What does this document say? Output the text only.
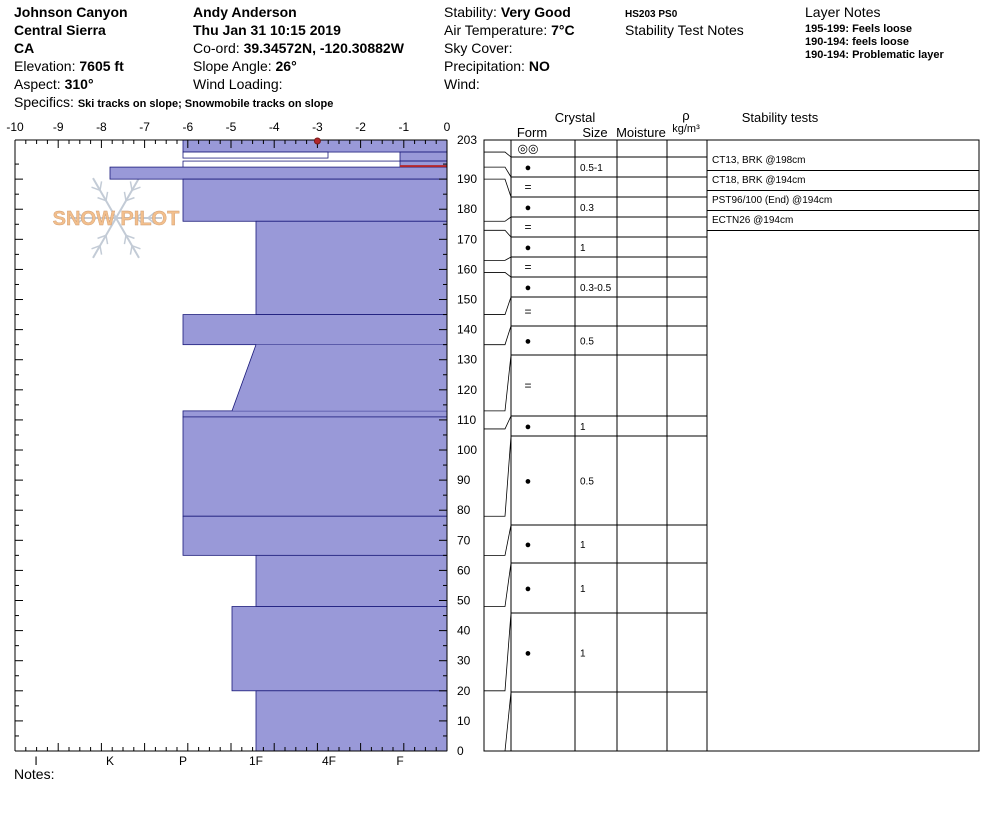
Johnson Canyon
Central Sierra
CA
Elevation: 7605 ft
Aspect: 310°
Specifics: Ski tracks on slope; Snowmobile tracks on slope
Andy Anderson
Thu Jan 31 10:15 2019
Co-ord: 39.34572N, -120.30882W
Slope Angle: 26°
Wind Loading:
Stability: Very Good
Air Temperature: 7°C
Sky Cover:
Precipitation: NO
Wind:
HS203 PS0
Stability Test Notes
Layer Notes
195-199: Feels loose
190-194: feels loose
190-194: Problematic layer
Crystal
Form	Size Moisture
ρ
kg/m³
Stability tests
CT13, BRK @198cm
CT18, BRK @194cm
PST96/100 (End) @194cm
ECTN26 @194cm
Notes:
SNOW PILOT
-10 -9	-8	-7	-6	-5	-4	-3	-2	-1	0
0
10
20
30
40
50
60
70
80
90
100
110
120
130
140
150
160
170
180
190
203
I	K	P	1F	4F	F
◎◎
●	0.5-1
=
●	0.3
=
●	1
=
●	0.3-0.5
=
●	0.5
=
●	1
●	0.5
●	1
●	1
●	1
